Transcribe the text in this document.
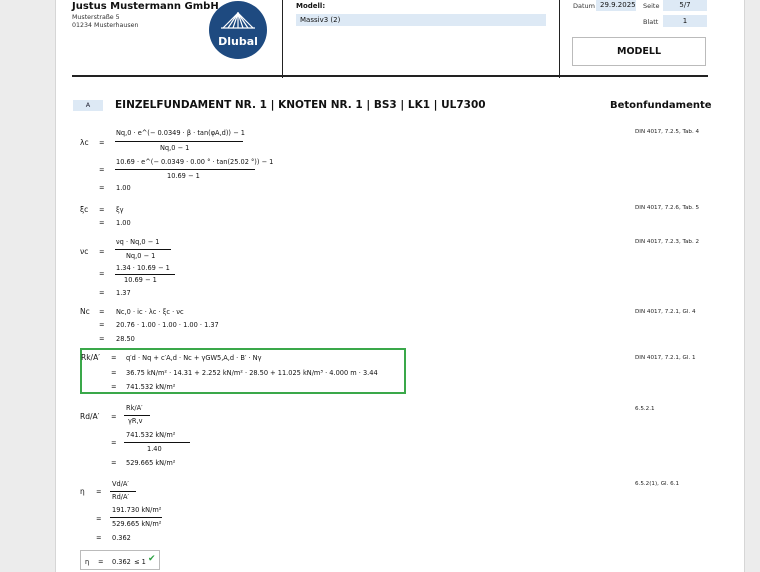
Justus Mustermann GmbH
Musterstraße 5
01234 Musterhausen
Dlubal
Modell:
Massiv3 (2)
Datum 29.9.2025 Seite	5/7
Blatt	1
MODELL
A	EINZELFUNDAMENT NR. 1 | KNOTEN NR. 1 | BS3 | LK1 | UL7300	Betonfundamente
λc =
Nq,0 · e^(− 0.0349 · β · tan(φA,d)) − 1
Nq,0 − 1
=
10.69 · e^(− 0.0349 · 0.00 ° · tan(25.02 °)) − 1
10.69 − 1
= 1.00
DIN 4017, 7.2.5, Tab. 4
ξc = ξγ
= 1.00
DIN 4017, 7.2.6, Tab. 5
νc =
νq · Nq,0 − 1
Nq,0 − 1
=
1.34 · 10.69 − 1
10.69 − 1
= 1.37
DIN 4017, 7.2.3, Tab. 2
Nc = Nc,0 · ic · λc · ξc · νc
= 20.76 · 1.00 · 1.00 · 1.00 · 1.37
= 28.50
DIN 4017, 7.2.1, Gl. 4
Rk/A′ = q′d · Nq + c′A,d · Nc + γGW5,A,d · B′ · Nγ
= 36.75 kN/m² · 14.31 + 2.252 kN/m² · 28.50 + 11.025 kN/m³ · 4.000 m · 3.44
= 741.532 kN/m²
DIN 4017, 7.2.1, Gl. 1
Rd/A′ =
Rk/A′
γR,v
=
741.532 kN/m²
1.40
= 529.665 kN/m²
6.5.2.1
η =
Vd/A′
Rd/A′
=
191.730 kN/m²
529.665 kN/m²
= 0.362
6.5.2(1), Gl. 6.1
η = 0.362 ≤ 1 ✔
